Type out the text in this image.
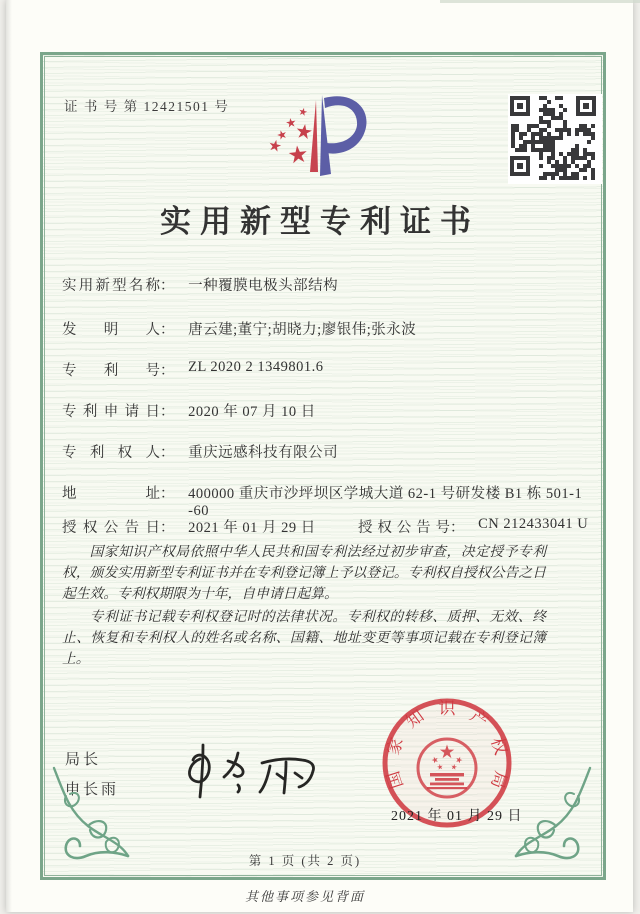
证 书 号 第 12421501 号
实用新型专利证书
实用新型名称： 一种覆膜电极头部结构
发明人： 唐云建;董宁;胡晓力;廖银伟;张永波
专利号： ZL 2020 2 1349801.6
专利申请日： 2020 年 07 月 10 日
专利权人： 重庆远感科技有限公司
地址： 400000 重庆市沙坪坝区学城大道 62-1 号研发楼 B1 栋 501-1
-60
授权公告日： 2021 年 01 月 29 日	授权公告号： CN 212433041 U

国家知识产权局依照中华人民共和国专利法经过初步审查，决定授予专利权，颁发实用新型专利证书并在专利登记簿上予以登记。专利权自授权公告之日起生效。专利权期限为十年，自申请日起算。

专利证书记载专利权登记时的法律状况。专利权的转移、质押、无效、终止、恢复和专利权人的姓名或名称、国籍、地址变更等事项记载在专利登记簿上。

局长
申长雨	国
家
知 识 产
权
局
2021 年 01 月 29 日
第 1 页 (共 2 页)
其他事项参见背面
